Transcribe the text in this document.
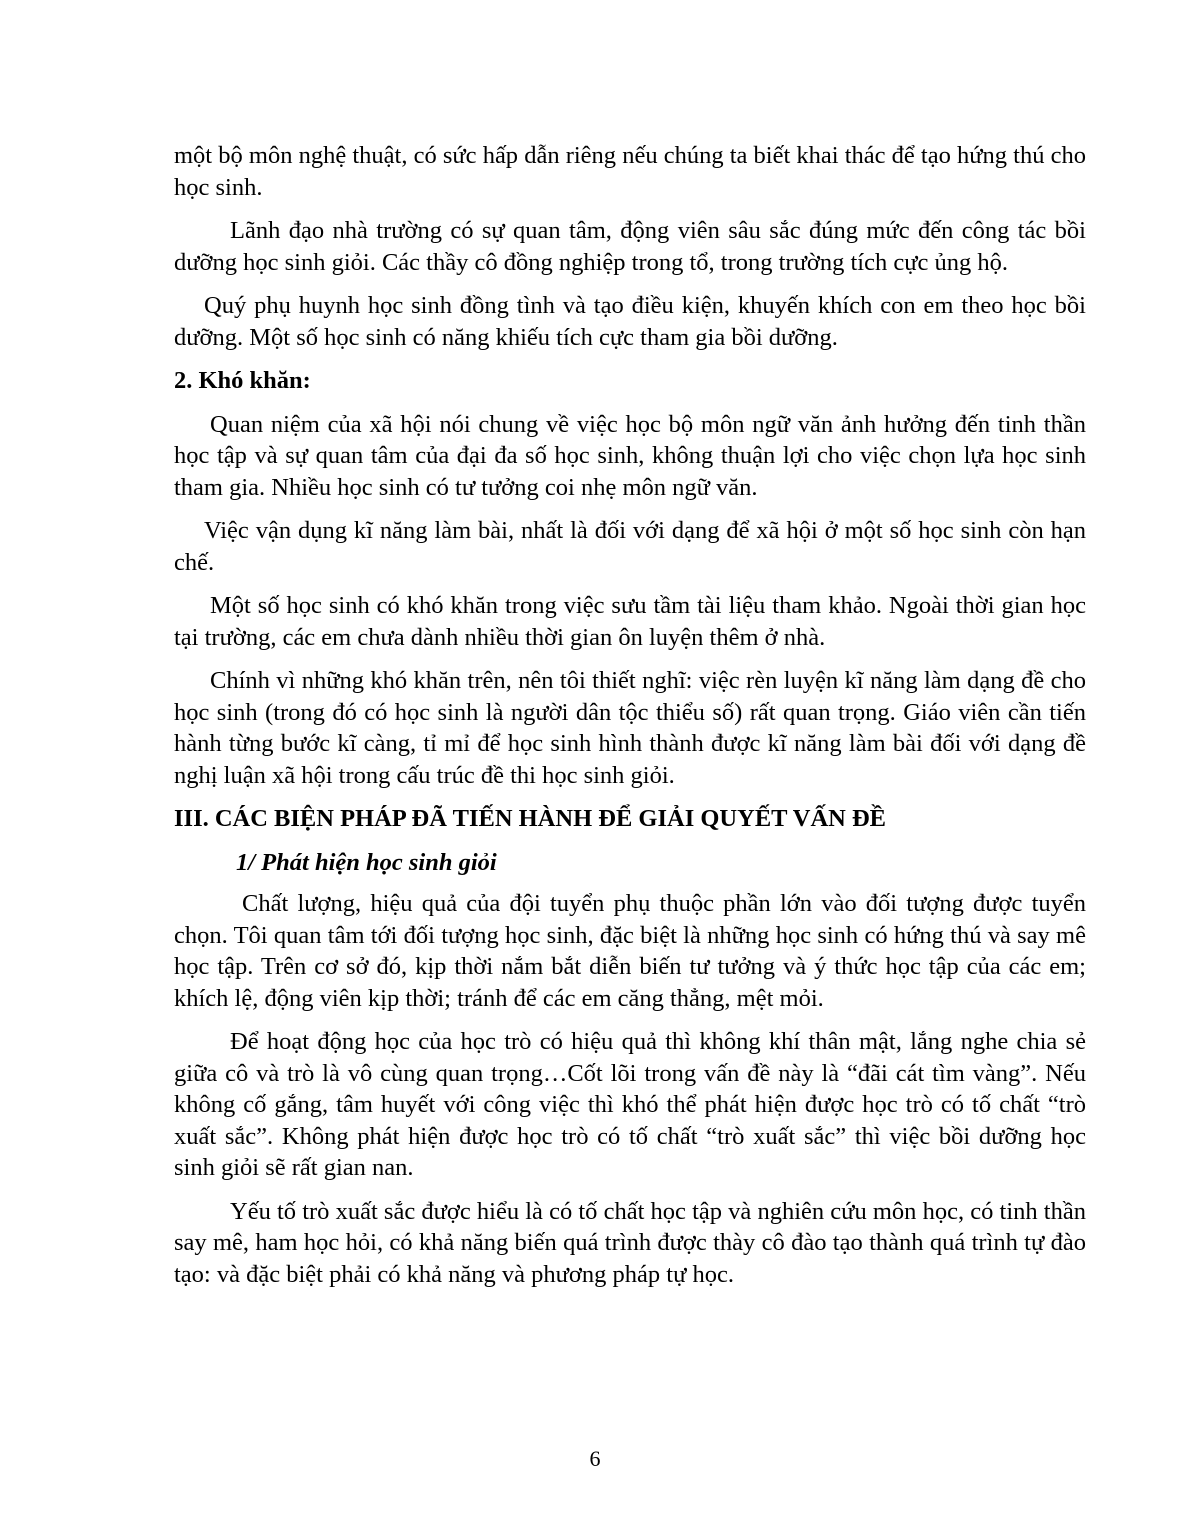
một bộ môn nghệ thuật, có sức hấp dẫn riêng nếu chúng ta biết khai thác để tạo hứng thú cho học sinh.

Lãnh đạo nhà trường có sự quan tâm, động viên sâu sắc đúng mức đến công tác bồi dưỡng học sinh giỏi. Các thầy cô đồng nghiệp trong tổ, trong trường tích cực ủng hộ.

Quý phụ huynh học sinh đồng tình và tạo điều kiện, khuyến khích con em theo học bồi dưỡng. Một số học sinh có năng khiếu tích cực tham gia bồi dưỡng.

2. Khó khăn:

Quan niệm của xã hội nói chung về việc học bộ môn ngữ văn ảnh hưởng đến tinh thần học tập và sự quan tâm của đại đa số học sinh, không thuận lợi cho việc chọn lựa học sinh tham gia. Nhiều học sinh có tư tưởng coi nhẹ môn ngữ văn.

Việc vận dụng kĩ năng làm bài, nhất là đối với dạng để xã hội ở một số học sinh còn hạn chế.

Một số học sinh có khó khăn trong việc sưu tầm tài liệu tham khảo. Ngoài thời gian học tại trường, các em chưa dành nhiều thời gian ôn luyện thêm ở nhà.

Chính vì những khó khăn trên, nên tôi thiết nghĩ: việc rèn luyện kĩ năng làm dạng đề cho học sinh (trong đó có học sinh là người dân tộc thiểu số) rất quan trọng. Giáo viên cần tiến hành từng bước kĩ càng, tỉ mỉ để học sinh hình thành được kĩ năng làm bài đối với dạng đề nghị luận xã hội trong cấu trúc đề thi học sinh giỏi.

III. CÁC BIỆN PHÁP ĐÃ TIẾN HÀNH ĐỂ GIẢI QUYẾT VẤN ĐỀ
1/ Phát hiện học sinh giỏi

Chất lượng, hiệu quả của đội tuyển phụ thuộc phần lớn vào đối tượng được tuyển chọn. Tôi quan tâm tới đối tượng học sinh, đặc biệt là những học sinh có hứng thú và say mê học tập. Trên cơ sở đó, kịp thời nắm bắt diễn biến tư tưởng và ý thức học tập của các em; khích lệ, động viên kịp thời; tránh để các em căng thẳng, mệt mỏi.

Để hoạt động học của học trò có hiệu quả thì không khí thân mật, lắng nghe chia sẻ giữa cô và trò là vô cùng quan trọng…Cốt lõi trong vấn đề này là “đãi cát tìm vàng”. Nếu không cố gắng, tâm huyết với công việc thì khó thể phát hiện được học trò có tố chất “trò xuất sắc”. Không phát hiện được học trò có tố chất “trò xuất sắc” thì việc bồi dưỡng học sinh giỏi sẽ rất gian nan.

Yếu tố trò xuất sắc được hiểu là có tố chất học tập và nghiên cứu môn học, có tinh thần say mê, ham học hỏi, có khả năng biến quá trình được thày cô đào tạo thành quá trình tự đào tạo: và đặc biệt phải có khả năng và phương pháp tự học.

6
